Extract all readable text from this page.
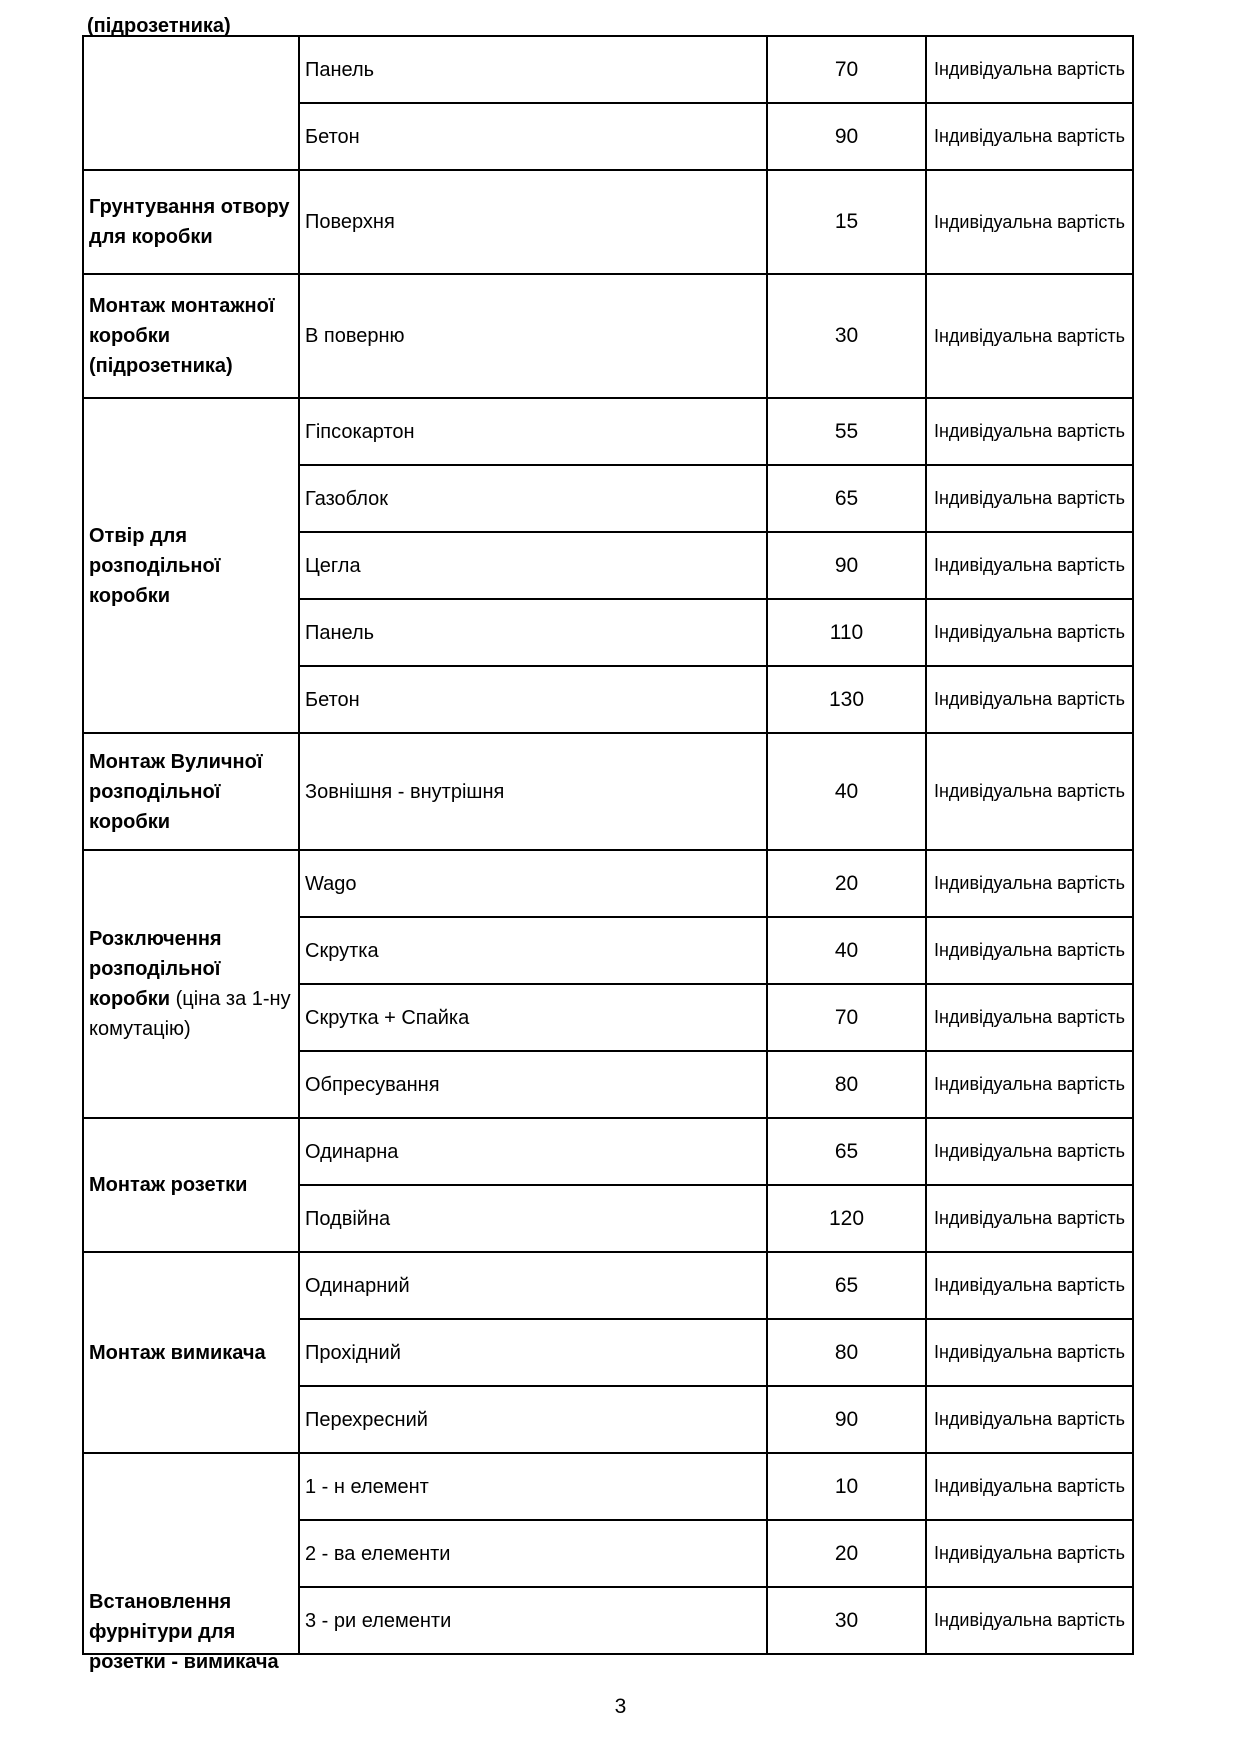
(підрозетника)
	Панель	70	Індивідуальна вартість
	Бетон	90	Індивідуальна вартість
Грунтування отвору для коробки	Поверхня	15	Індивідуальна вартість
Монтаж монтажної коробки (підрозетника)	В поверню	30	Індивідуальна вартість
Отвір для розподільної коробки	Гіпсокартон	55	Індивідуальна вартість
	Газоблок	65	Індивідуальна вартість
	Цегла	90	Індивідуальна вартість
	Панель	110	Індивідуальна вартість
	Бетон	130	Індивідуальна вартість
Монтаж Вуличної розподільної коробки	Зовнішня - внутрішня	40	Індивідуальна вартість
Розключення розподільної коробки (ціна за 1-ну комутацію)	Wago	20	Індивідуальна вартість
	Скрутка	40	Індивідуальна вартість
	Скрутка + Спайка	70	Індивідуальна вартість
	Обпресування	80	Індивідуальна вартість
Монтаж розетки	Одинарна	65	Індивідуальна вартість
	Подвійна	120	Індивідуальна вартість
Монтаж вимикача	Одинарний	65	Індивідуальна вартість
	Прохідний	80	Індивідуальна вартість
	Перехресний	90	Індивідуальна вартість

Встановлення фурнітури для розетки - вимикача	1 - н елемент	10	Індивідуальна вартість
	2 - ва елементи	20	Індивідуальна вартість
	3 - ри елементи	30	Індивідуальна вартість
3
